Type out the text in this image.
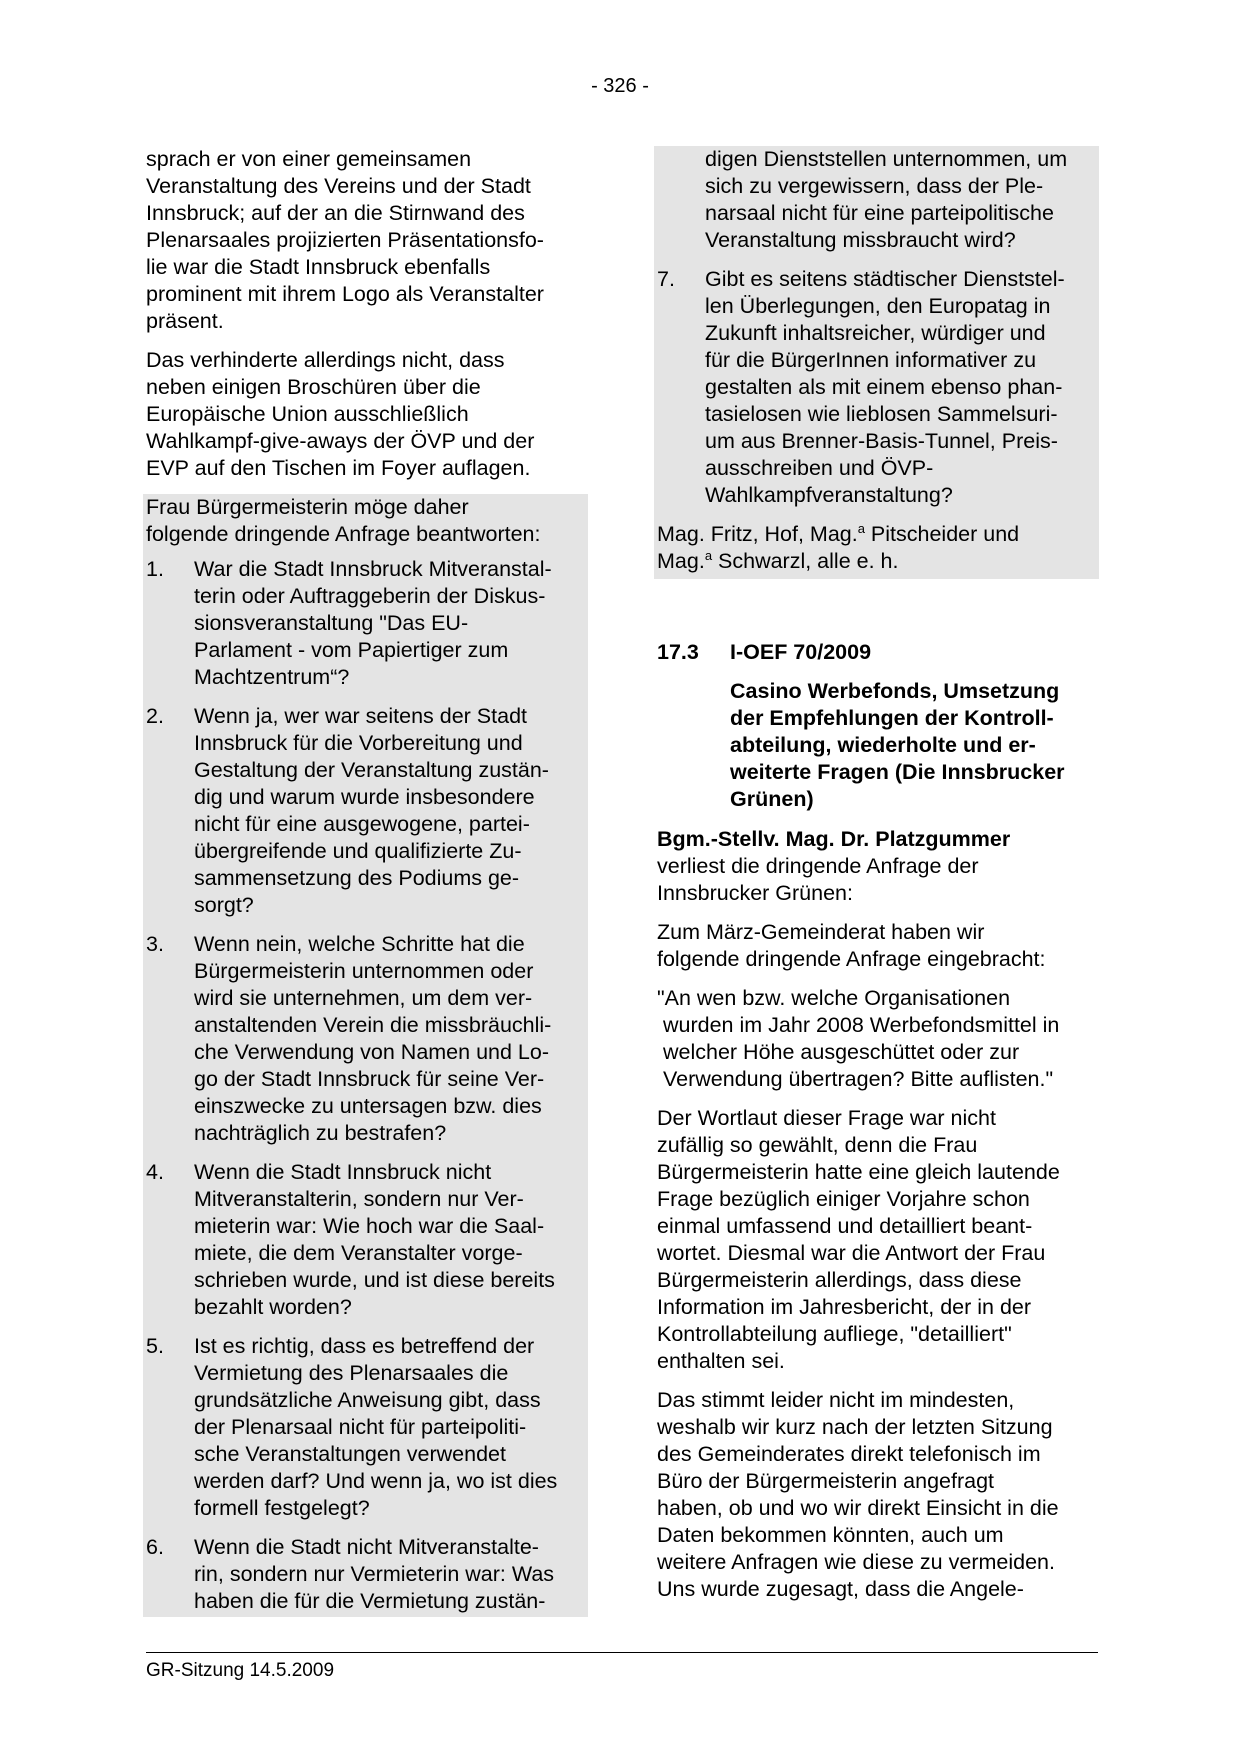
- 326 -

sprach er von einer gemeinsamen
Veranstaltung des Vereins und der Stadt
Innsbruck; auf der an die Stirnwand des
Plenarsaales projizierten Präsentationsfo-
lie war die Stadt Innsbruck ebenfalls
prominent mit ihrem Logo als Veranstalter
präsent.

Das verhinderte allerdings nicht, dass
neben einigen Broschüren über die
Europäische Union ausschließlich
Wahlkampf-give-aways der ÖVP und der
EVP auf den Tischen im Foyer auflagen.

Frau Bürgermeisterin möge daher
folgende dringende Anfrage beantworten:

1.	War die Stadt Innsbruck Mitveranstal-
terin oder Auftraggeberin der Diskus-
sionsveranstaltung "Das EU-
Parlament - vom Papiertiger zum
Machtzentrum“?
2.	Wenn ja, wer war seitens der Stadt
Innsbruck für die Vorbereitung und
Gestaltung der Veranstaltung zustän-
dig und warum wurde insbesondere
nicht für eine ausgewogene, partei-
übergreifende und qualifizierte Zu-
sammensetzung des Podiums ge-
sorgt?
3.	Wenn nein, welche Schritte hat die
Bürgermeisterin unternommen oder
wird sie unternehmen, um dem ver-
anstaltenden Verein die missbräuchli-
che Verwendung von Namen und Lo-
go der Stadt Innsbruck für seine Ver-
einszwecke zu untersagen bzw. dies
nachträglich zu bestrafen?
4.	Wenn die Stadt Innsbruck nicht
Mitveranstalterin, sondern nur Ver-
mieterin war: Wie hoch war die Saal-
miete, die dem Veranstalter vorge-
schrieben wurde, und ist diese bereits
bezahlt worden?
5.	Ist es richtig, dass es betreffend der
Vermietung des Plenarsaales die
grundsätzliche Anweisung gibt, dass
der Plenarsaal nicht für parteipoliti-
sche Veranstaltungen verwendet
werden darf? Und wenn ja, wo ist dies
formell festgelegt?
6.	Wenn die Stadt nicht Mitveranstalte-
rin, sondern nur Vermieterin war: Was
haben die für die Vermietung zustän-
digen Dienststellen unternommen, um
sich zu vergewissern, dass der Ple-
narsaal nicht für eine parteipolitische
Veranstaltung missbraucht wird?
7.	Gibt es seitens städtischer Dienststel-
len Überlegungen, den Europatag in
Zukunft inhaltsreicher, würdiger und
für die BürgerInnen informativer zu
gestalten als mit einem ebenso phan-
tasielosen wie lieblosen Sammelsuri-
um aus Brenner-Basis-Tunnel, Preis-
ausschreiben und ÖVP-
Wahlkampfveranstaltung?

Mag. Fritz, Hof, Mag.$^a$ Pitscheider und
Mag.$^a$ Schwarzl, alle e. h.

17.3	I-OEF 70/2009
Casino Werbefonds, Umsetzung
der Empfehlungen der Kontroll-
abteilung, wiederholte und er-
weiterte Fragen (Die Innsbrucker
Grünen)

Bgm.-Stellv. Mag. Dr. Platzgummer
verliest die dringende Anfrage der
Innsbrucker Grünen:

Zum März-Gemeinderat haben wir
folgende dringende Anfrage eingebracht:

"An wen bzw. welche Organisationen
wurden im Jahr 2008 Werbefondsmittel in
welcher Höhe ausgeschüttet oder zur
Verwendung übertragen? Bitte auflisten."

Der Wortlaut dieser Frage war nicht
zufällig so gewählt, denn die Frau
Bürgermeisterin hatte eine gleich lautende
Frage bezüglich einiger Vorjahre schon
einmal umfassend und detailliert beant-
wortet. Diesmal war die Antwort der Frau
Bürgermeisterin allerdings, dass diese
Information im Jahresbericht, der in der
Kontrollabteilung aufliege, "detailliert"
enthalten sei.

Das stimmt leider nicht im mindesten,
weshalb wir kurz nach der letzten Sitzung
des Gemeinderates direkt telefonisch im
Büro der Bürgermeisterin angefragt
haben, ob und wo wir direkt Einsicht in die
Daten bekommen könnten, auch um
weitere Anfragen wie diese zu vermeiden.
Uns wurde zugesagt, dass die Angele-

GR-Sitzung 14.5.2009
